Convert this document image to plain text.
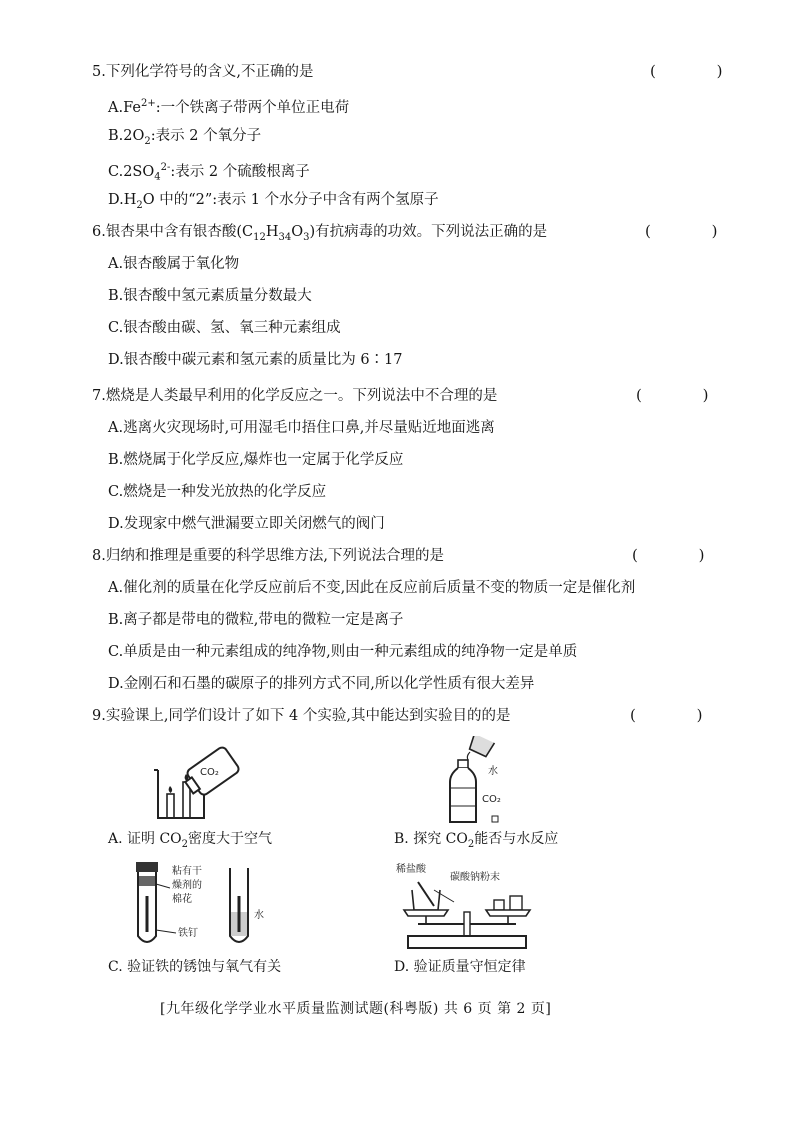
5.下列化学符号的含义,不正确的是	( )
$A.Fe^{2+}$:一个铁离子带两个单位正电荷
$B.2O_2$:表示 2 个氧分子
$C.2SO_4^{2-}$:表示 2 个硫酸根离子
$D.H_2O$ 中的“2”:表示 1 个水分子中含有两个氢原子
6.银杏果中含有银杏酸$(C_{12}H_{34}O_3)$有抗病毒的功效。下列说法正确的是	( )
A.银杏酸属于氧化物
B.银杏酸中氢元素质量分数最大
C.银杏酸由碳、氢、氧三种元素组成
D.银杏酸中碳元素和氢元素的质量比为 6∶17
7.燃烧是人类最早利用的化学反应之一。下列说法中不合理的是	( )
A.逃离火灾现场时,可用湿毛巾捂住口鼻,并尽量贴近地面逃离
B.燃烧属于化学反应,爆炸也一定属于化学反应
C.燃烧是一种发光放热的化学反应
D.发现家中燃气泄漏要立即关闭燃气的阀门
8.归纳和推理是重要的科学思维方法,下列说法合理的是	( )
A.催化剂的质量在化学反应前后不变,因此在反应前后质量不变的物质一定是催化剂
B.离子都是带电的微粒,带电的微粒一定是离子
C.单质是由一种元素组成的纯净物,则由一种元素组成的纯净物一定是单质
D.金刚石和石墨的碳原子的排列方式不同,所以化学性质有很大差异
9.实验课上,同学们设计了如下 4 个实验,其中能达到实验目的的是	( )
CO₂
A. 证明 $CO_2$密度大于空气
水
CO₂
B. 探究 $CO_2$能否与水反应
粘有干
燥剂的
棉花
铁钉
水
C. 验证铁的锈蚀与氧气有关
稀盐酸
碳酸钠粉末
D. 验证质量守恒定律
[九年级化学学业水平质量监测试题(科粤版) 共 6 页 第 2 页]
